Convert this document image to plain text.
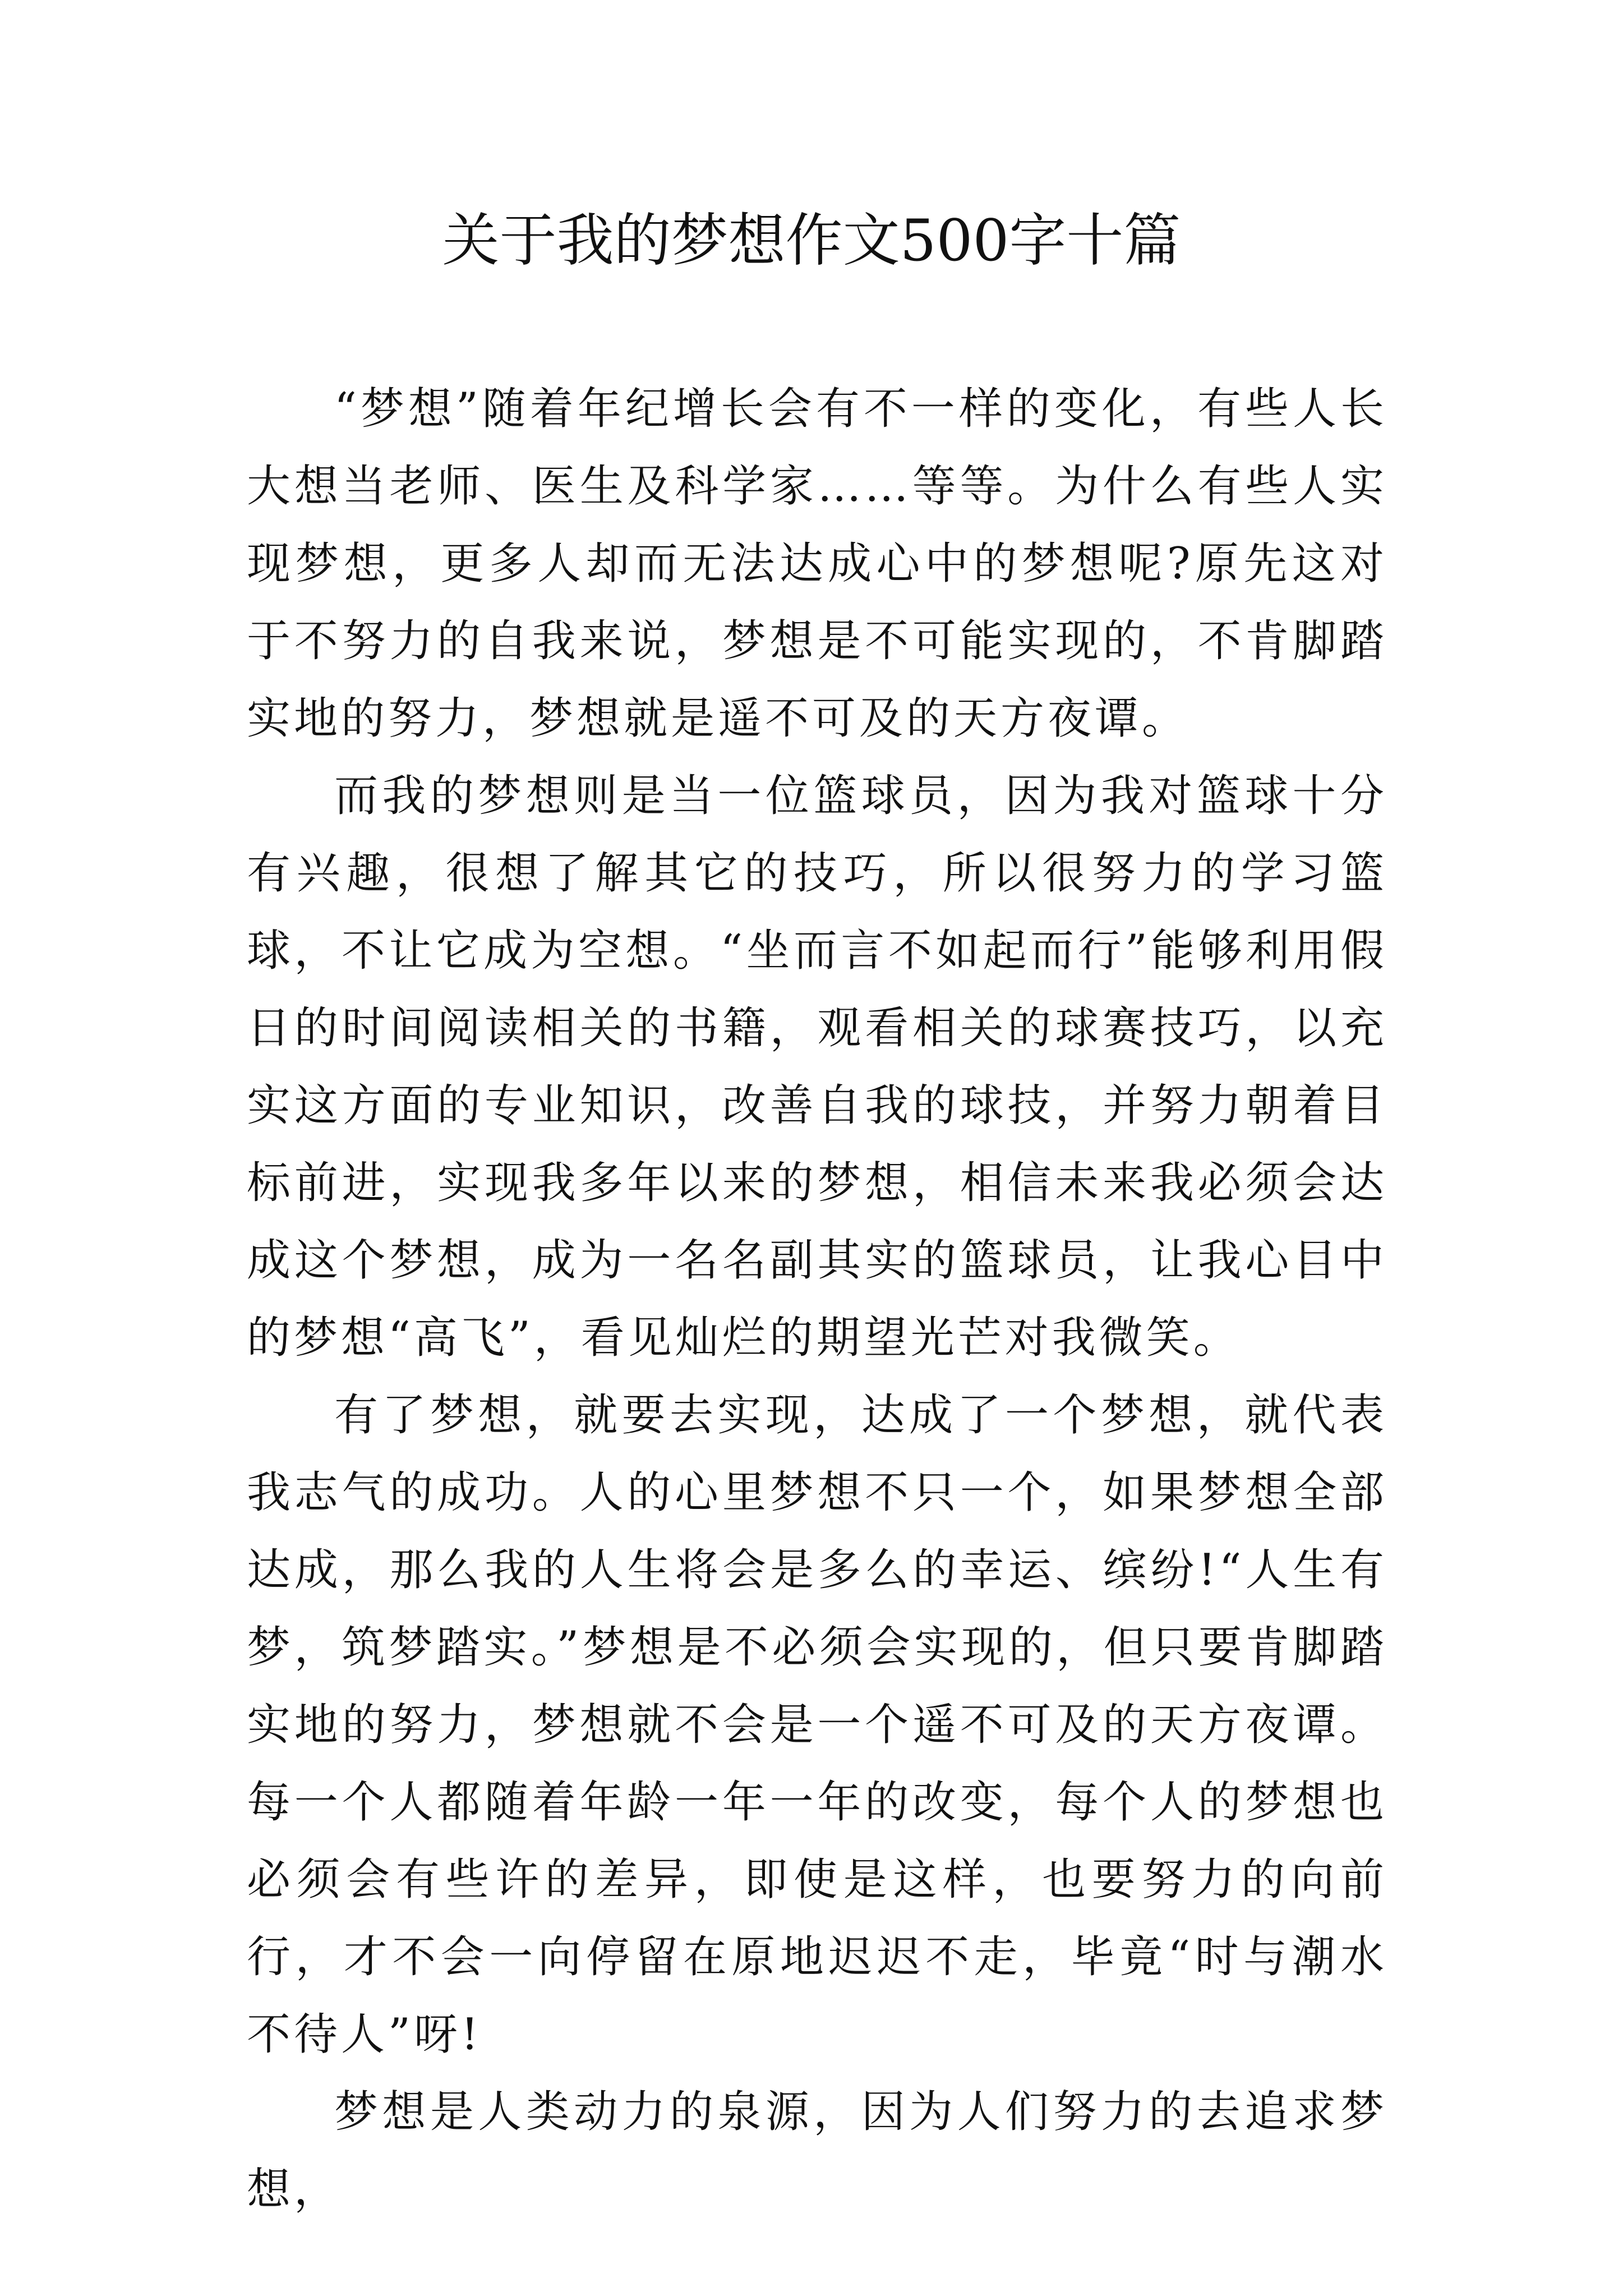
关于我的梦想作文500字十篇

“梦想”随着年纪增长会有不一样的变化，有些人长大想当老师、医生及科学家……等等。为什么有些人实现梦想，更多人却而无法达成心中的梦想呢?原先这对于不努力的自我来说，梦想是不可能实现的，不肯脚踏实地的努力，梦想就是遥不可及的天方夜谭。

而我的梦想则是当一位篮球员，因为我对篮球十分有兴趣，很想了解其它的技巧，所以很努力的学习篮球，不让它成为空想。“坐而言不如起而行”能够利用假日的时间阅读相关的书籍，观看相关的球赛技巧，以充实这方面的专业知识，改善自我的球技，并努力朝着目标前进，实现我多年以来的梦想，相信未来我必须会达成这个梦想，成为一名名副其实的篮球员，让我心目中的梦想“高飞”，看见灿烂的期望光芒对我微笑。

有了梦想，就要去实现，达成了一个梦想，就代表我志气的成功。人的心里梦想不只一个，如果梦想全部达成，那么我的人生将会是多么的幸运、缤纷!“人生有梦，筑梦踏实。”梦想是不必须会实现的，但只要肯脚踏实地的努力，梦想就不会是一个遥不可及的天方夜谭。每一个人都随着年龄一年一年的改变，每个人的梦想也必须会有些许的差异，即使是这样，也要努力的向前行，才不会一向停留在原地迟迟不走，毕竟“时与潮水不待人”呀!

梦想是人类动力的泉源，因为人们努力的去追求梦想，
